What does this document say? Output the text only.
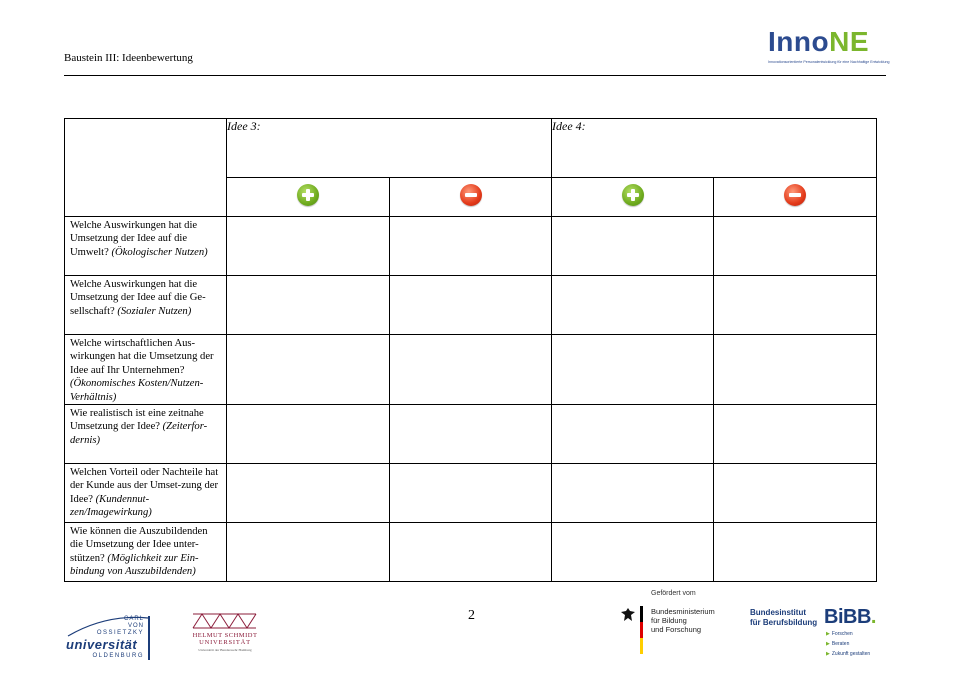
Baustein III: Ideenbewertung
InnoNE
Innovationsorientierte Personalentwicklung für eine Nachhaltige Entwicklung
	Idee 3:		Idee 4:	

Welche Auswirkungen hat die Umsetzung der Idee auf die Umwelt? (Ökologischer Nutzen)				

Welche Auswirkungen hat die Umsetzung der Idee auf die Ge-sellschaft? (Sozialer Nutzen)				

Welche wirtschaftlichen Aus-wirkungen hat die Umsetzung der Idee auf Ihr Unternehmen? (Ökonomisches Kosten/Nutzen-Verhältnis)				

Wie realistisch ist eine zeitnahe Umsetzung der Idee? (Zeiterfor-dernis)				

Welchen Vorteil oder Nachteile hat der Kunde aus der Umset-zung der Idee? (Kundennut-zen/Imagewirkung)				

Wie können die Auszubildenden die Umsetzung der Idee unter-stützen? (Möglichkeit zur Ein-bindung von Auszubildenden)				

2
CARL
VON
OSSIETZKY
universität
OLDENBURG
HELMUT SCHMIDT
UNIVERSITÄT
Universität der Bundeswehr Hamburg
Gefördert vom
Bundesministerium
für Bildung
und Forschung
Bundesinstitut
für Berufsbildung BiBB.
▶ Forschen
▶ Beraten
▶ Zukunft gestalten
